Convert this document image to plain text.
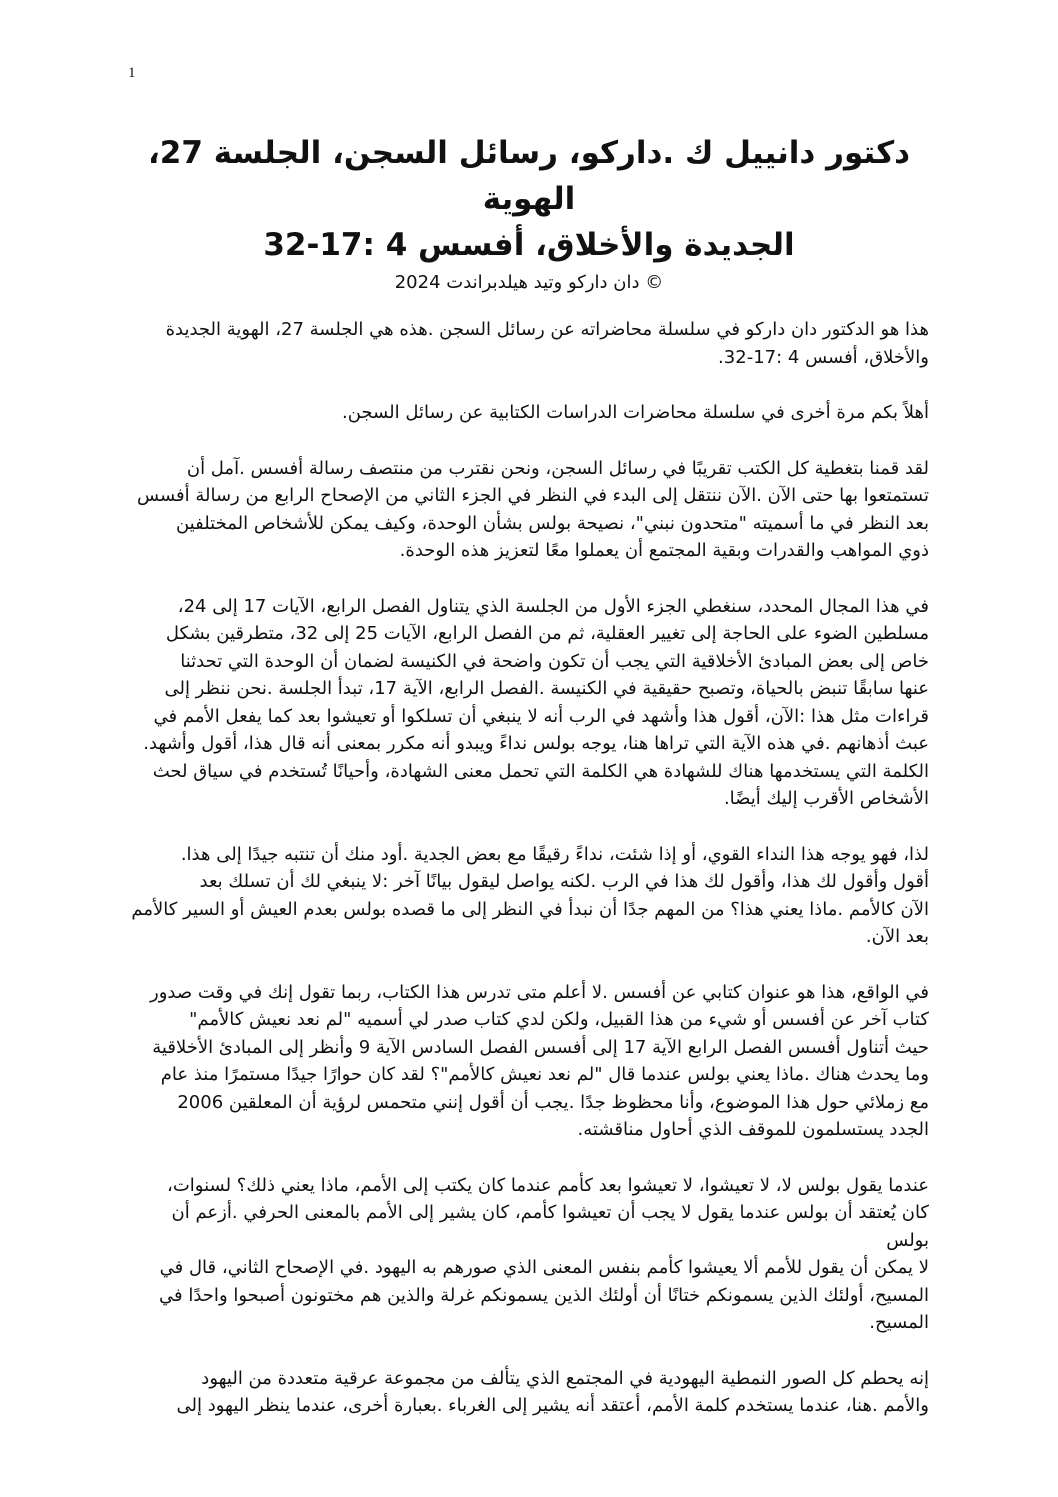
1
دكتور دانييل ك .داركو، رسائل السجن، الجلسة 27، الهوية
الجديدة والأخلاق، أفسس 4 :17-32
دان داركو وتيد هيلدبراندت 2024 ©
هذا هو الدكتور دان داركو في سلسلة محاضراته عن رسائل السجن .هذه هي الجلسة 27، الهوية الجديدة
.والأخلاق، أفسس 4 :17-32
.أهلاً بكم مرة أخرى في سلسلة محاضرات الدراسات الكتابية عن رسائل السجن
لقد قمنا بتغطية كل الكتب تقريبًا في رسائل السجن، ونحن نقترب من منتصف رسالة أفسس .آمل أن
تستمتعوا بها حتى الآن .الآن ننتقل إلى البدء في النظر في الجزء الثاني من الإصحاح الرابع من رسالة أفسس
بعد النظر في ما أسميته "متحدون نبني"، نصيحة بولس بشأن الوحدة، وكيف يمكن للأشخاص المختلفين
.ذوي المواهب والقدرات وبقية المجتمع أن يعملوا معًا لتعزيز هذه الوحدة
،في هذا المجال المحدد، سنغطي الجزء الأول من الجلسة الذي يتناول الفصل الرابع، الآيات 17 إلى 24
مسلطين الضوء على الحاجة إلى تغيير العقلية، ثم من الفصل الرابع، الآيات 25 إلى 32، متطرقين بشكل
خاص إلى بعض المبادئ الأخلاقية التي يجب أن تكون واضحة في الكنيسة لضمان أن الوحدة التي تحدثنا
عنها سابقًا تنبض بالحياة، وتصبح حقيقية في الكنيسة .الفصل الرابع، الآية 17، تبدأ الجلسة .نحن ننظر إلى
قراءات مثل هذا :الآن، أقول هذا وأشهد في الرب أنه لا ينبغي أن تسلكوا أو تعيشوا بعد كما يفعل الأمم في
.عبث أذهانهم .في هذه الآية التي تراها هنا، يوجه بولس نداءً ويبدو أنه مكرر بمعنى أنه قال هذا، أقول وأشهد
الكلمة التي يستخدمها هناك للشهادة هي الكلمة التي تحمل معنى الشهادة، وأحيانًا تُستخدم في سياق لحث
.الأشخاص الأقرب إليك أيضًا
.لذا، فهو يوجه هذا النداء القوي، أو إذا شئت، نداءً رقيقًا مع بعض الجدية .أود منك أن تنتبه جيدًا إلى هذا
أقول وأقول لك هذا، وأقول لك هذا في الرب .لكنه يواصل ليقول بيانًا آخر :لا ينبغي لك أن تسلك بعد
الآن كالأمم .ماذا يعني هذا؟ من المهم جدًا أن نبدأ في النظر إلى ما قصده بولس بعدم العيش أو السير كالأمم
.بعد الآن
في الواقع، هذا هو عنوان كتابي عن أفسس .لا أعلم متى تدرس هذا الكتاب، ربما تقول إنك في وقت صدور
"كتاب آخر عن أفسس أو شيء من هذا القبيل، ولكن لدي كتاب صدر لي أسميه "لم نعد نعيش كالأمم
حيث أتناول أفسس الفصل الرابع الآية 17 إلى أفسس الفصل السادس الآية 9 وأنظر إلى المبادئ الأخلاقية
وما يحدث هناك .ماذا يعني بولس عندما قال "لم نعد نعيش كالأمم"؟ لقد كان حوارًا جيدًا مستمرًا منذ عام
مع زملائي حول هذا الموضوع، وأنا محظوظ جدًا .يجب أن أقول إنني متحمس لرؤية أن المعلقين 2006
.الجدد يستسلمون للموقف الذي أحاول مناقشته
،عندما يقول بولس لا، لا تعيشوا، لا تعيشوا بعد كأمم عندما كان يكتب إلى الأمم، ماذا يعني ذلك؟ لسنوات
كان يُعتقد أن بولس عندما يقول لا يجب أن تعيشوا كأمم، كان يشير إلى الأمم بالمعنى الحرفي .أزعم أن بولس
لا يمكن أن يقول للأمم ألا يعيشوا كأمم بنفس المعنى الذي صورهم به اليهود .في الإصحاح الثاني، قال في
المسيح، أولئك الذين يسمونكم ختانًا أن أولئك الذين يسمونكم غرلة والذين هم مختونون أصبحوا واحدًا في
.المسيح
إنه يحطم كل الصور النمطية اليهودية في المجتمع الذي يتألف من مجموعة عرقية متعددة من اليهود
والأمم .هنا، عندما يستخدم كلمة الأمم، أعتقد أنه يشير إلى الغرباء .بعبارة أخرى، عندما ينظر اليهود إلى
